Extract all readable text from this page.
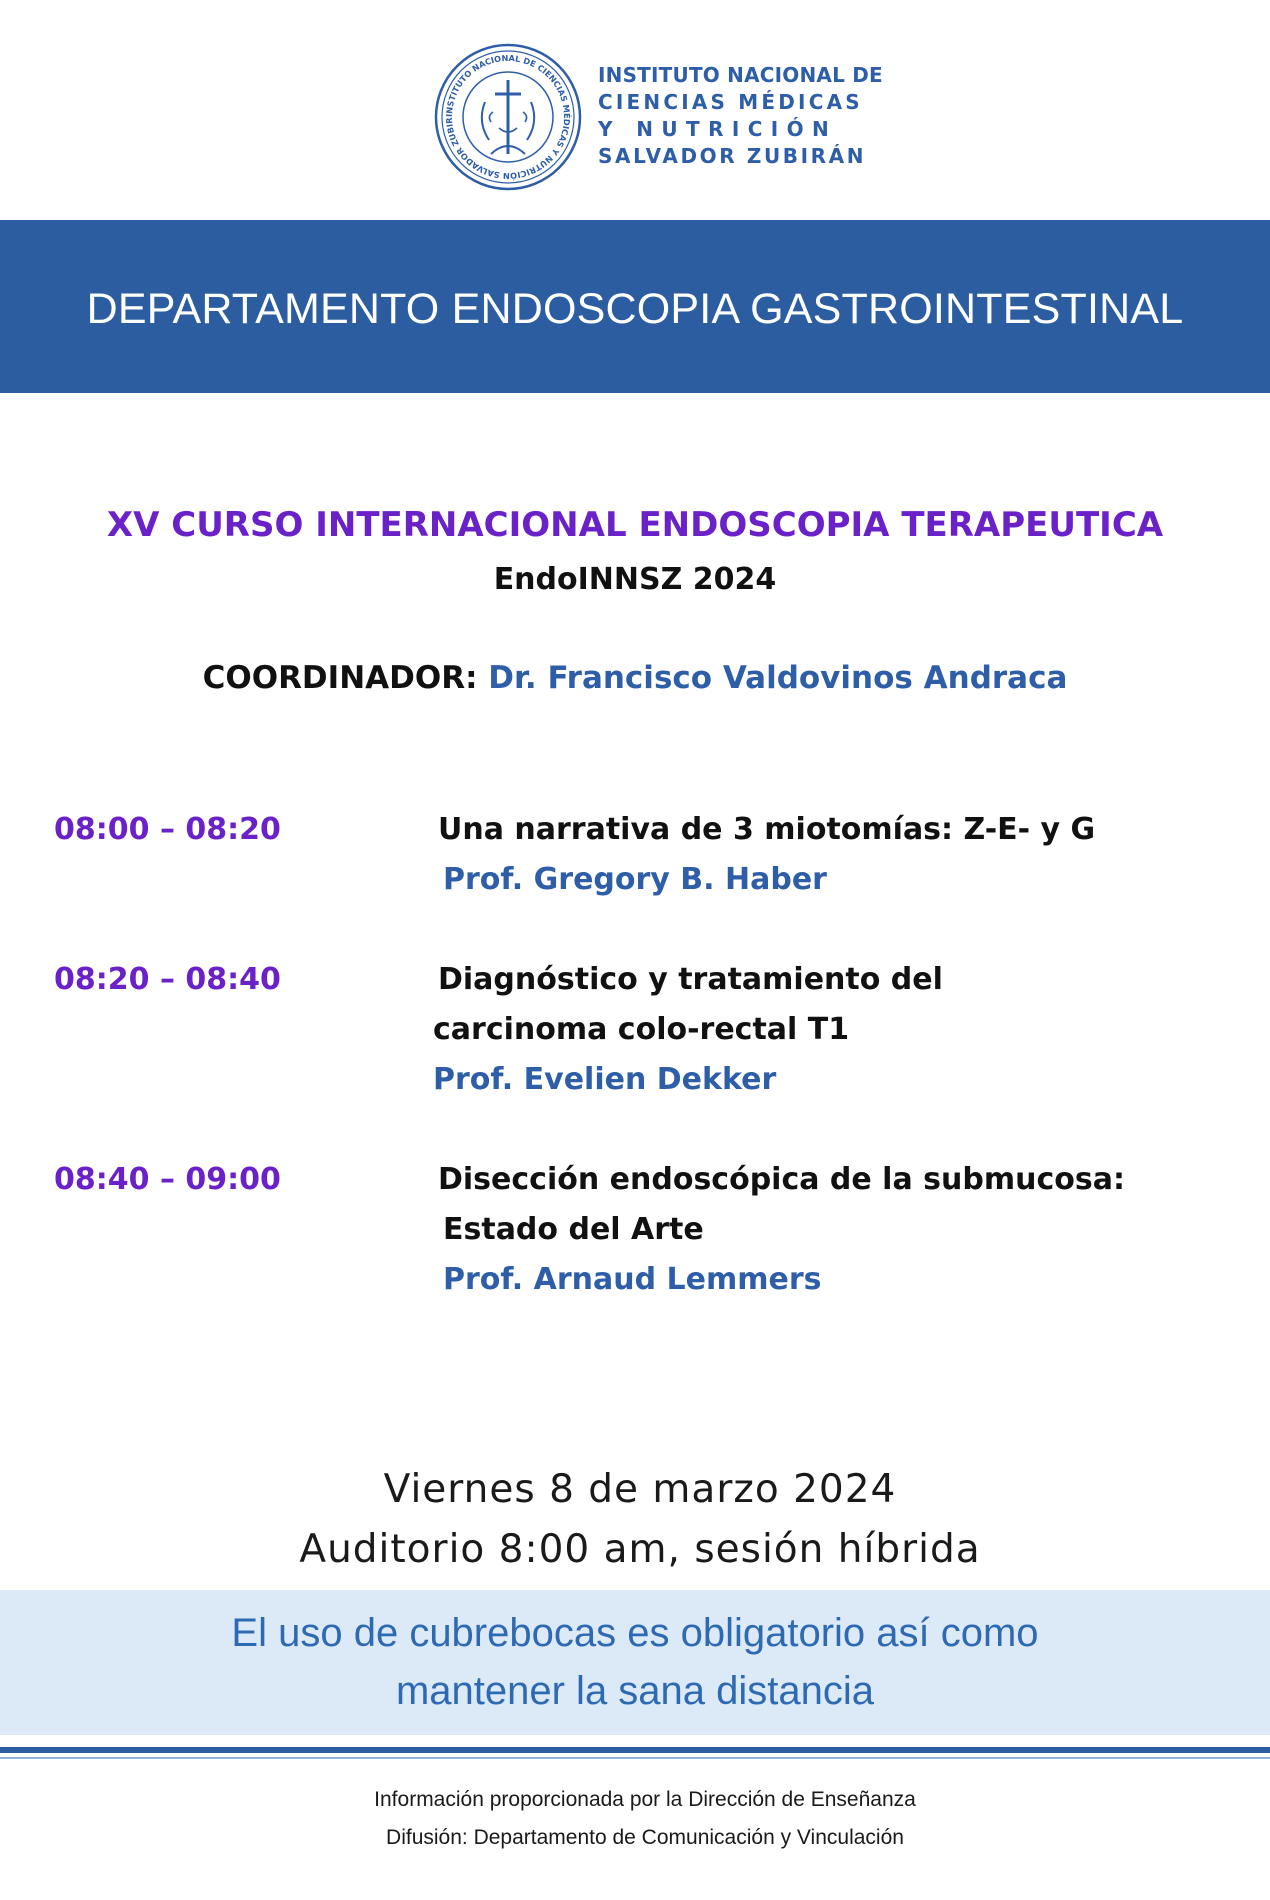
INSTITUTO NACIONAL DE CIENCIAS MÉDICAS Y NUTRICIÓN SALVADOR ZUBIR
INSTITUTO NACIONAL DE
CIENCIAS MÉDICAS
Y NUTRICIÓN
SALVADOR ZUBIRÁN
DEPARTAMENTO ENDOSCOPIA GASTROINTESTINAL
XV CURSO INTERNACIONAL ENDOSCOPIA TERAPEUTICA
EndoINNSZ 2024
COORDINADOR: Dr. Francisco Valdovinos Andraca
08:00 – 08:20	Una narrativa de 3 miotomías: Z-E- y G
Prof. Gregory B. Haber
08:20 – 08:40	Diagnóstico y tratamiento del
carcinoma colo-rectal T1
Prof. Evelien Dekker
08:40 – 09:00	Disección endoscópica de la submucosa:
Estado del Arte
Prof. Arnaud Lemmers
Viernes 8 de marzo 2024
Auditorio 8:00 am, sesión híbrida
El uso de cubrebocas es obligatorio así como
mantener la sana distancia
Información proporcionada por la Dirección de Enseñanza
Difusión: Departamento de Comunicación y Vinculación
